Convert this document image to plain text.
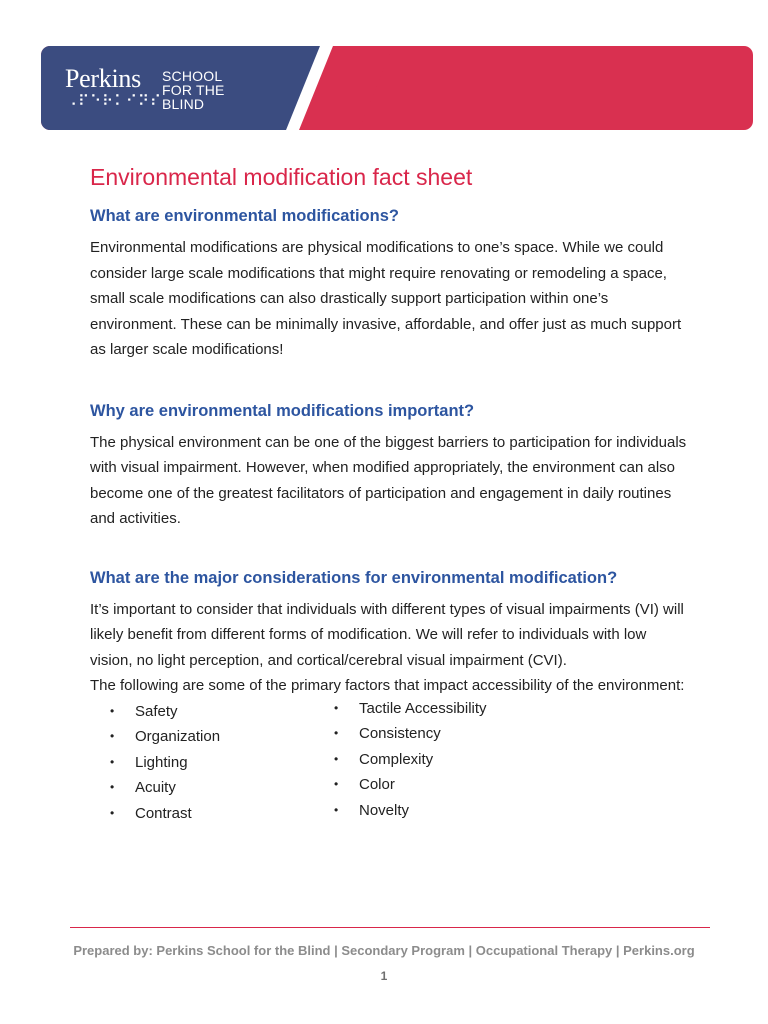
Perkins
⠠⠏⠑⠗⠅⠊⠝⠎
SCHOOL
FOR THE
BLIND
Environmental modification fact sheet
What are environmental modifications?

Environmental modifications are physical modifications to one’s space. While we could consider large scale modifications that might require renovating or remodeling a space, small scale modifications can also drastically support participation within one’s environment. These can be minimally invasive, affordable, and offer just as much support as larger scale modifications!

Why are environmental modifications important?

The physical environment can be one of the biggest barriers to participation for individuals with visual impairment. However, when modified appropriately, the environment can also become one of the greatest facilitators of participation and engagement in daily routines and activities.

What are the major considerations for environmental modification?

It’s important to consider that individuals with different types of visual impairments (VI) will likely benefit from different forms of modification. We will refer to individuals with low vision, no light perception, and cortical/cerebral visual impairment (CVI).

The following are some of the primary factors that impact accessibility of the environment:

• Safety
• Organization
• Lighting
• Acuity
• Contrast
• Tactile Accessibility
• Consistency
• Complexity
• Color
• Novelty
Prepared by: Perkins School for the Blind | Secondary Program | Occupational Therapy | Perkins.org
1
